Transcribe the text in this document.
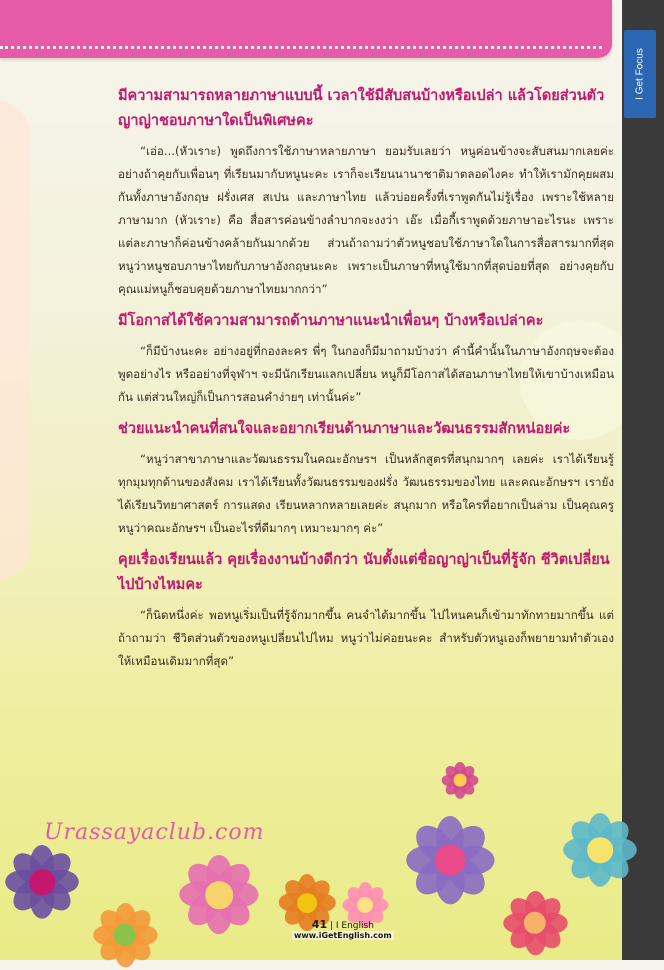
I Get Focus

มีความสามารถหลายภาษาแบบนี้ เวลาใช้มีสับสนบ้างหรือเปล่า แล้วโดยส่วนตัวญาญ่าชอบภาษาใดเป็นพิเศษคะ

“เอ่อ...(หัวเราะ) พูดถึงการใช้ภาษาหลายภาษา ยอมรับเลยว่า หนูค่อนข้างจะสับสนมากเลยค่ะ อย่างถ้าคุยกับเพื่อนๆ ที่เรียนมากับหนูนะคะ เราก็จะเรียนนานาชาติมาตลอดไงคะ ทำให้เรามักคุยผสมกันทั้งภาษาอังกฤษ ฝรั่งเศส สเปน และภาษาไทย แล้วบ่อยครั้งที่เราพูดกันไม่รู้เรื่อง เพราะใช้หลายภาษามาก (หัวเราะ) คือ สื่อสารค่อนข้างลำบากจะงงว่า เอ๊ะ เมื่อกี้เราพูดด้วยภาษาอะไรนะ เพราะแต่ละภาษาก็ค่อนข้างคล้ายกันมากด้วย ส่วนถ้าถามว่าตัวหนูชอบใช้ภาษาใดในการสื่อสารมากที่สุด หนูว่าหนูชอบภาษาไทยกับภาษาอังกฤษนะคะ เพราะเป็นภาษาที่หนูใช้มากที่สุดบ่อยที่สุด อย่างคุยกับคุณแม่หนูก็ชอบคุยด้วยภาษาไทยมากกว่า”

มีโอกาสได้ใช้ความสามารถด้านภาษาแนะนำเพื่อนๆ บ้างหรือเปล่าคะ

“ก็มีบ้างนะคะ อย่างอยู่ที่กองละคร พี่ๆ ในกองก็มีมาถามบ้างว่า คำนี้คำนั้นในภาษาอังกฤษจะต้องพูดอย่างไร หรืออย่างที่จุฬาฯ จะมีนักเรียนแลกเปลี่ยน หนูก็มีโอกาสได้สอนภาษาไทยให้เขาบ้างเหมือนกัน แต่ส่วนใหญ่ก็เป็นการสอนคำง่ายๆ เท่านั้นค่ะ”

ช่วยแนะนำคนที่สนใจและอยากเรียนด้านภาษาและวัฒนธรรมสักหน่อยค่ะ

“หนูว่าสาขาภาษาและวัฒนธรรมในคณะอักษรฯ เป็นหลักสูตรที่สนุกมากๆ เลยค่ะ เราได้เรียนรู้ทุกมุมทุกด้านของสังคม เราได้เรียนทั้งวัฒนธรรมของฝรั่ง วัฒนธรรมของไทย และคณะอักษรฯ เรายังได้เรียนวิทยาศาสตร์ การแสดง เรียนหลากหลายเลยค่ะ สนุกมาก หรือใครที่อยากเป็นล่าม เป็นคุณครู หนูว่าคณะอักษรฯ เป็นอะไรที่ดีมากๆ เหมาะมากๆ ค่ะ”

คุยเรื่องเรียนแล้ว คุยเรื่องงานบ้างดีกว่า นับตั้งแต่ชื่อญาญ่าเป็นที่รู้จัก ชีวิตเปลี่ยนไปบ้างไหมคะ

“ก็นิดหนึ่งค่ะ พอหนูเริ่มเป็นที่รู้จักมากขึ้น คนจำได้มากขึ้น ไปไหนคนก็เข้ามาทักทายมากขึ้น แต่ถ้าถามว่า ชีวิตส่วนตัวของหนูเปลี่ยนไปไหม หนูว่าไม่ค่อยนะคะ สำหรับตัวหนูเองก็พยายามทำตัวเองให้เหมือนเดิมมากที่สุด”

Urassayaclub.com
41 | I English
www.iGetEnglish.com
